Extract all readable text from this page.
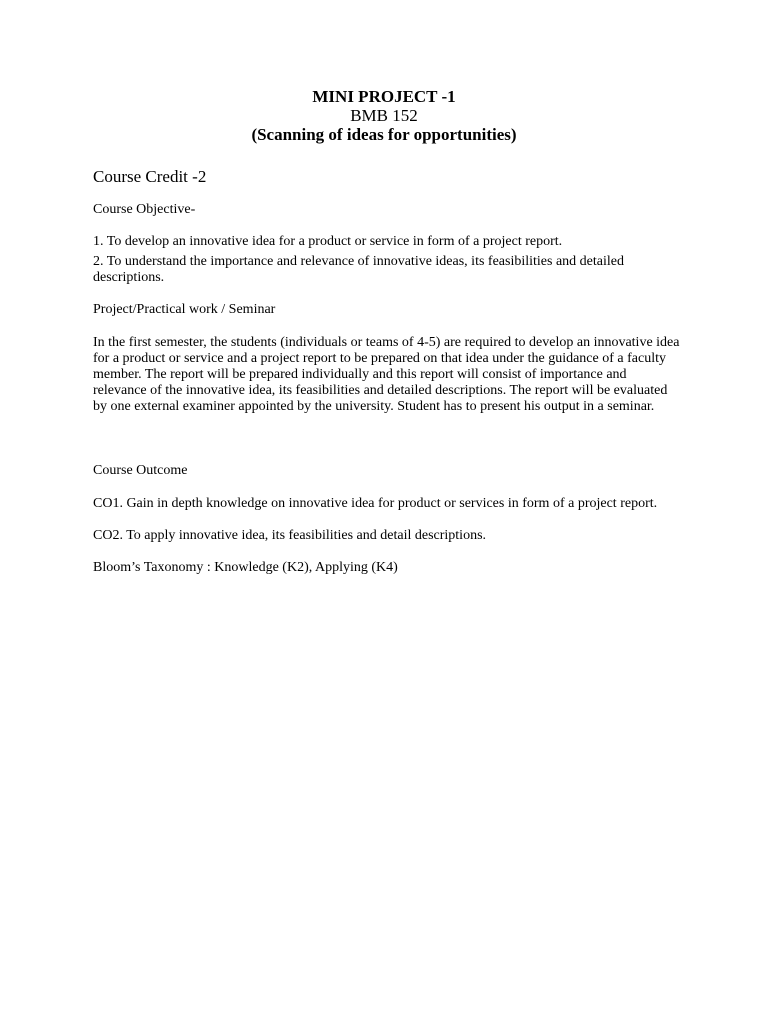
MINI PROJECT -1

BMB 152

(Scanning of ideas for opportunities)

Course Credit -2

Course Objective-

1. To develop an innovative idea for a product or service in form of a project report.

2. To understand the importance and relevance of innovative ideas, its feasibilities and detailed descriptions.

Project/Practical work / Seminar

In the first semester, the students (individuals or teams of 4-5) are required to develop an innovative idea for a product or service and a project report to be prepared on that idea under the guidance of a faculty member. The report will be prepared individually and this report will consist of importance and relevance of the innovative idea, its feasibilities and detailed descriptions. The report will be evaluated by one external examiner appointed by the university. Student has to present his output in a seminar.

Course Outcome

CO1. Gain in depth knowledge on innovative idea for product or services in form of a project report.

CO2. To apply innovative idea, its feasibilities and detail descriptions.

Bloom’s Taxonomy : Knowledge (K2), Applying (K4)
